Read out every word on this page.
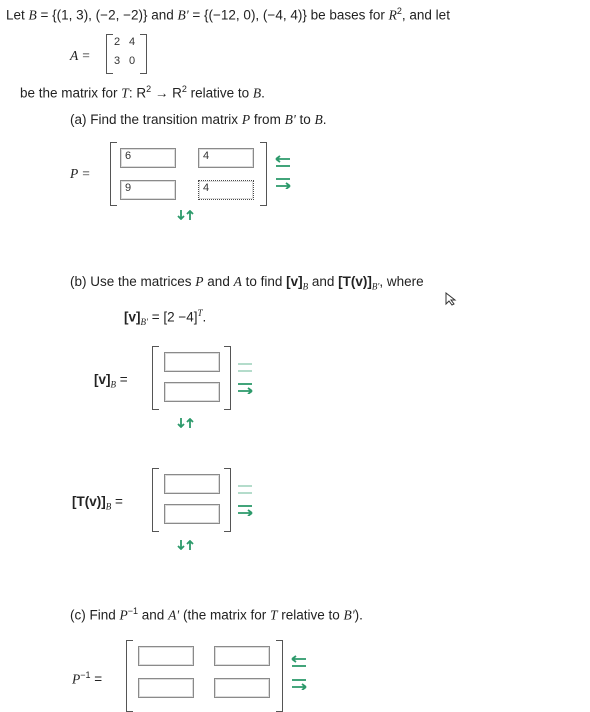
Let B = {(1, 3), (−2, −2)} and B' = {(−12, 0), (−4, 4)} be bases for $R^2$, and let
A =
2 4
3 0
be the matrix for T: $R^2 \to R^2$ relative to B.
(a) Find the transition matrix P from B' to B.
P =
6	4
9	4
(b) Use the matrices P and A to find $[v]_B$ and $[T(v)]_{B'}$, where
$[v]_{B'} = [2 -4]^T$.
$[v]_B$ =
$[T(v)]_B$ =
(c) Find $P^{-1}$ and A' (the matrix for T relative to B').
$P^{-1}$ =
